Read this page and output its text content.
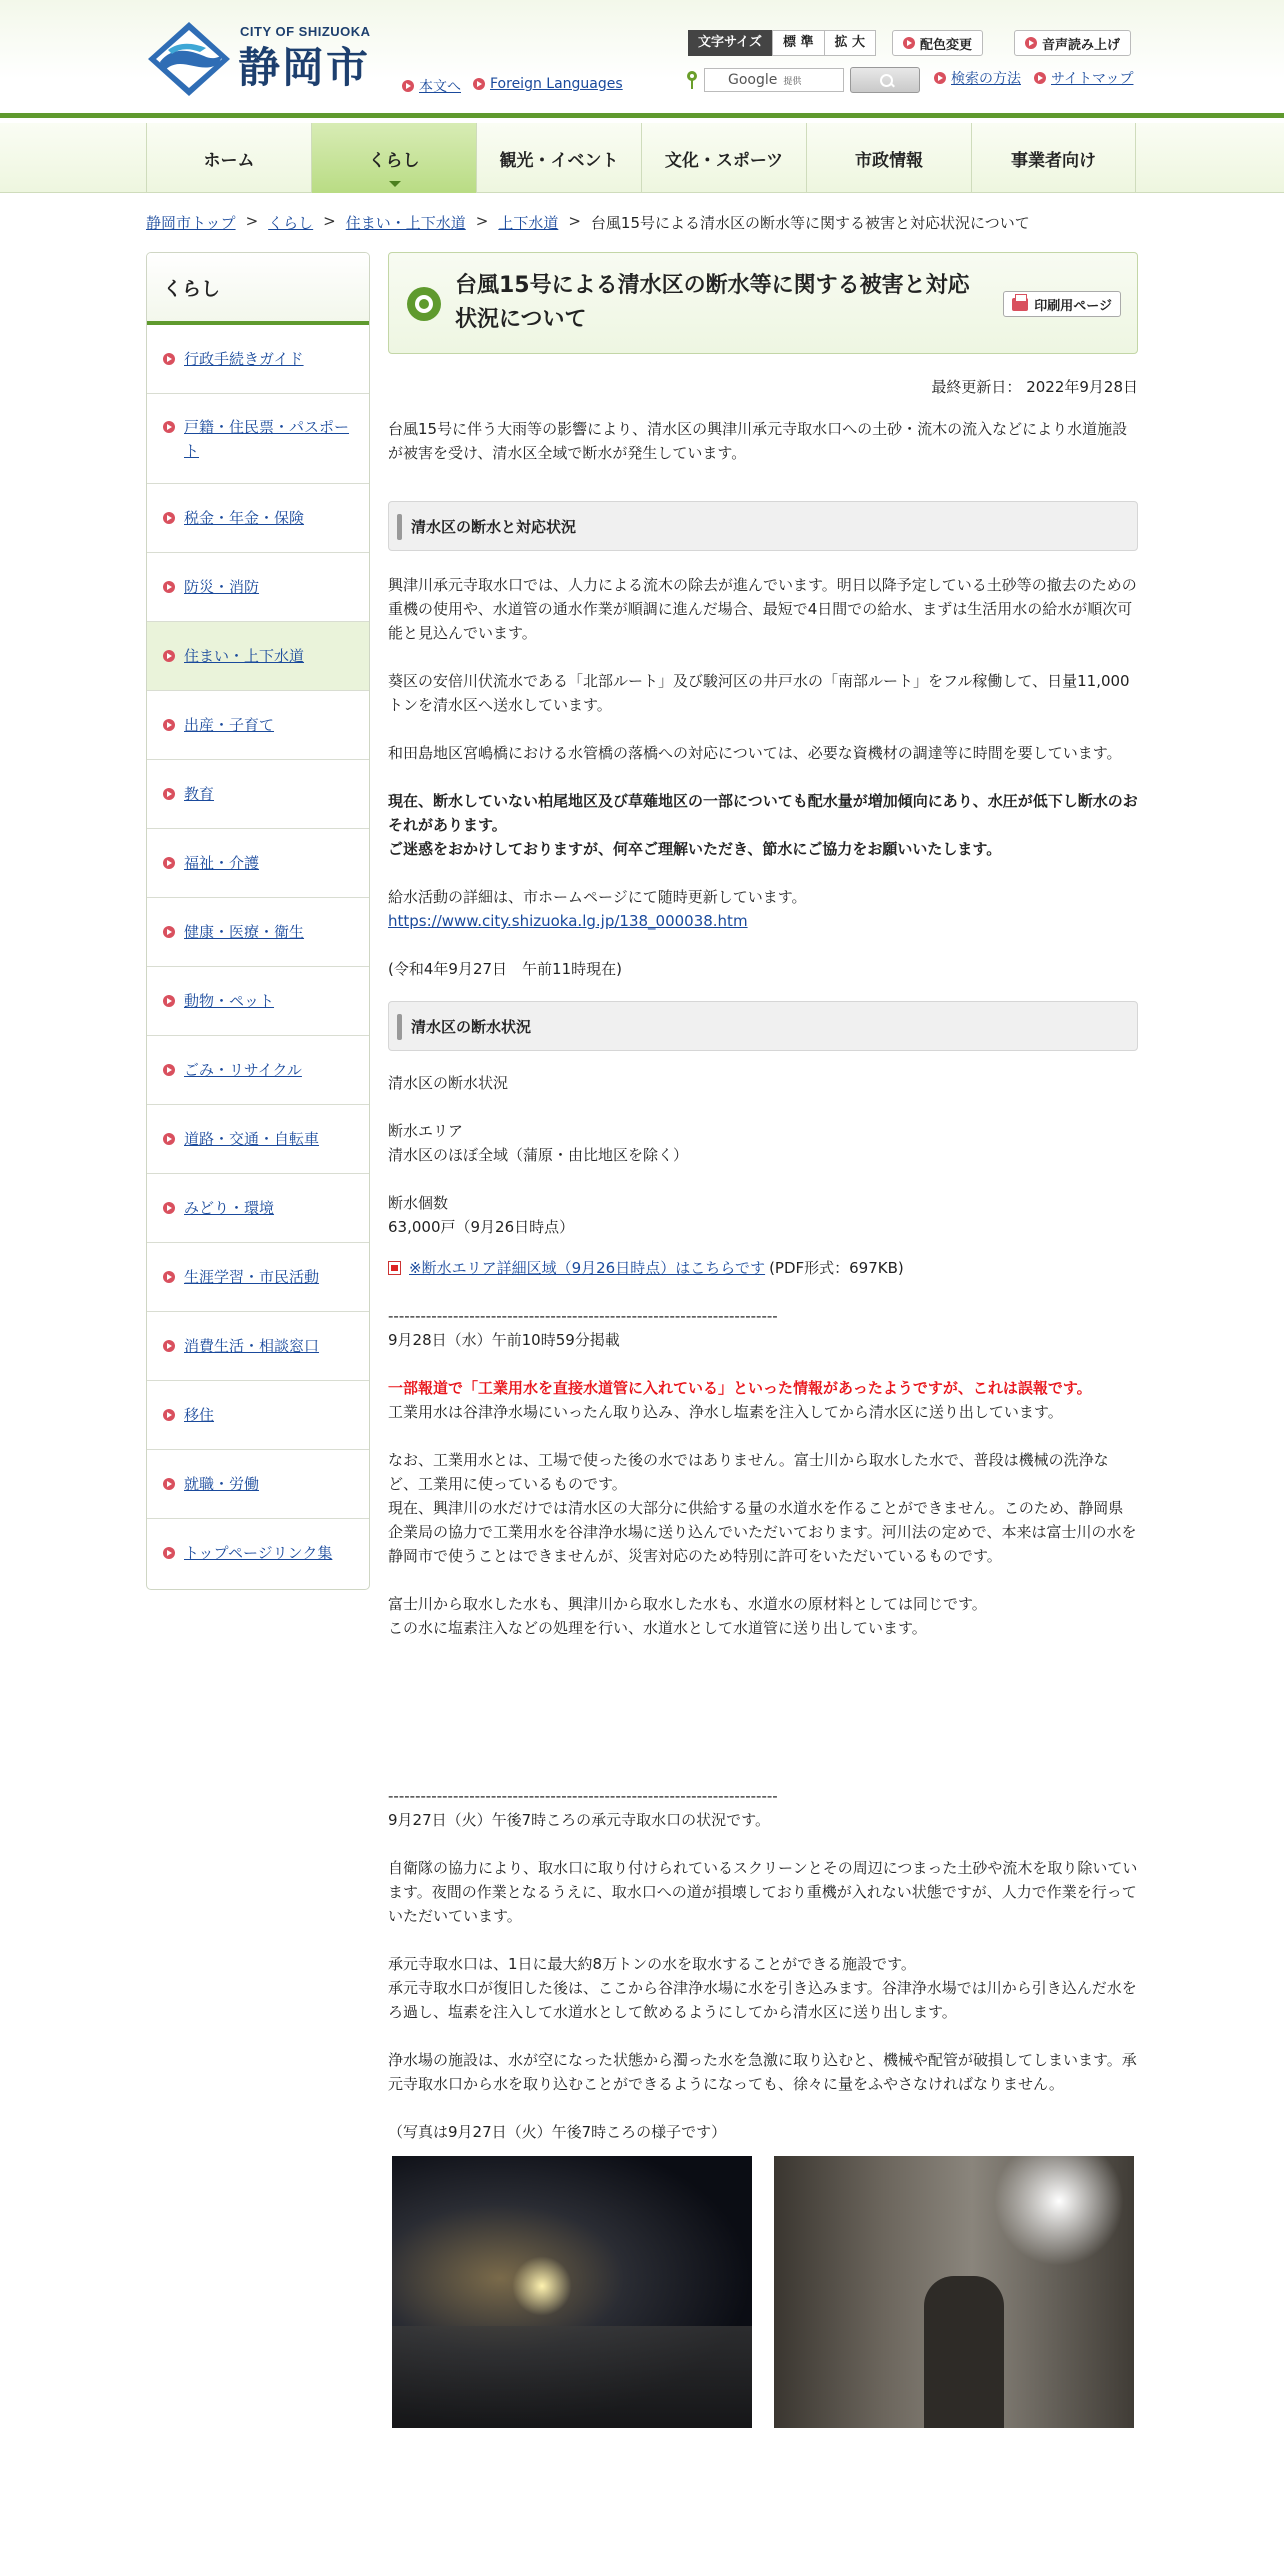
CITY OF SHIZUOKA
静岡市	本文へ Foreign Languages
文字サイズ	標 準	拡 大	配色変更	音声読み上げ
Google 提供	検索の方法 サイトマップ
ホーム	くらし	観光・イベント	文化・スポーツ	市政情報	事業者向け
静岡市トップ > くらし > 住まい・上下水道 > 上下水道 > 台風15号による清水区の断水等に関する被害と対応状況について
くらし
行政手続きガイド
戸籍・住民票・パスポート
税金・年金・保険
防災・消防
住まい・上下水道
出産・子育て
教育
福祉・介護
健康・医療・衛生
動物・ペット
ごみ・リサイクル
道路・交通・自転車
みどり・環境
生涯学習・市民活動
消費生活・相談窓口
移住
就職・労働
トップページリンク集
台風15号による清水区の断水等に関する被害と対応状況について
印刷用ページ
最終更新日： 2022年9月28日

台風15号に伴う大雨等の影響により、清水区の興津川承元寺取水口への土砂・流木の流入などにより水道施設が被害を受け、清水区全域で断水が発生しています。

清水区の断水と対応状況

興津川承元寺取水口では、人力による流木の除去が進んでいます。明日以降予定している土砂等の撤去のための重機の使用や、水道管の通水作業が順調に進んだ場合、最短で4日間での給水、まずは生活用水の給水が順次可能と見込んでいます。

葵区の安倍川伏流水である「北部ルート」及び駿河区の井戸水の「南部ルート」をフル稼働して、日量11,000トンを清水区へ送水しています。

和田島地区宮嶋橋における水管橋の落橋への対応については、必要な資機材の調達等に時間を要しています。

現在、断水していない柏尾地区及び草薙地区の一部についても配水量が増加傾向にあり、水圧が低下し断水のおそれがあります。

ご迷惑をおかけしておりますが、何卒ご理解いただき、節水にご協力をお願いいたします。

給水活動の詳細は、市ホームページにて随時更新しています。

https://www.city.shizuoka.lg.jp/138_000038.htm

(令和4年9月27日　午前11時現在)

清水区の断水状況

清水区の断水状況

断水エリア

清水区のほぼ全域（蒲原・由比地区を除く）

断水個数

63,000戸（9月26日時点）

※断水エリア詳細区域（9月26日時点）はこちらです (PDF形式：697KB)

------------------------------------------------------------------------

9月28日（水）午前10時59分掲載

一部報道で「工業用水を直接水道管に入れている」といった情報があったようですが、これは誤報です。

工業用水は谷津浄水場にいったん取り込み、浄水し塩素を注入してから清水区に送り出しています。

なお、工業用水とは、工場で使った後の水ではありません。富士川から取水した水で、普段は機械の洗浄など、工業用に使っているものです。

現在、興津川の水だけでは清水区の大部分に供給する量の水道水を作ることができません。このため、静岡県企業局の協力で工業用水を谷津浄水場に送り込んでいただいております。河川法の定めで、本来は富士川の水を静岡市で使うことはできませんが、災害対応のため特別に許可をいただいているものです。

富士川から取水した水も、興津川から取水した水も、水道水の原材料としては同じです。

この水に塩素注入などの処理を行い、水道水として水道管に送り出しています。

------------------------------------------------------------------------

9月27日（火）午後7時ころの承元寺取水口の状況です。

自衛隊の協力により、取水口に取り付けられているスクリーンとその周辺につまった土砂や流木を取り除いています。夜間の作業となるうえに、取水口への道が損壊しており重機が入れない状態ですが、人力で作業を行っていただいています。

承元寺取水口は、1日に最大約8万トンの水を取水することができる施設です。

承元寺取水口が復旧した後は、ここから谷津浄水場に水を引き込みます。谷津浄水場では川から引き込んだ水をろ過し、塩素を注入して水道水として飲めるようにしてから清水区に送り出します。

浄水場の施設は、水が空になった状態から濁った水を急激に取り込むと、機械や配管が破損してしまいます。承元寺取水口から水を取り込むことができるようになっても、徐々に量をふやさなければなりません。

（写真は9月27日（火）午後7時ころの様子です）
